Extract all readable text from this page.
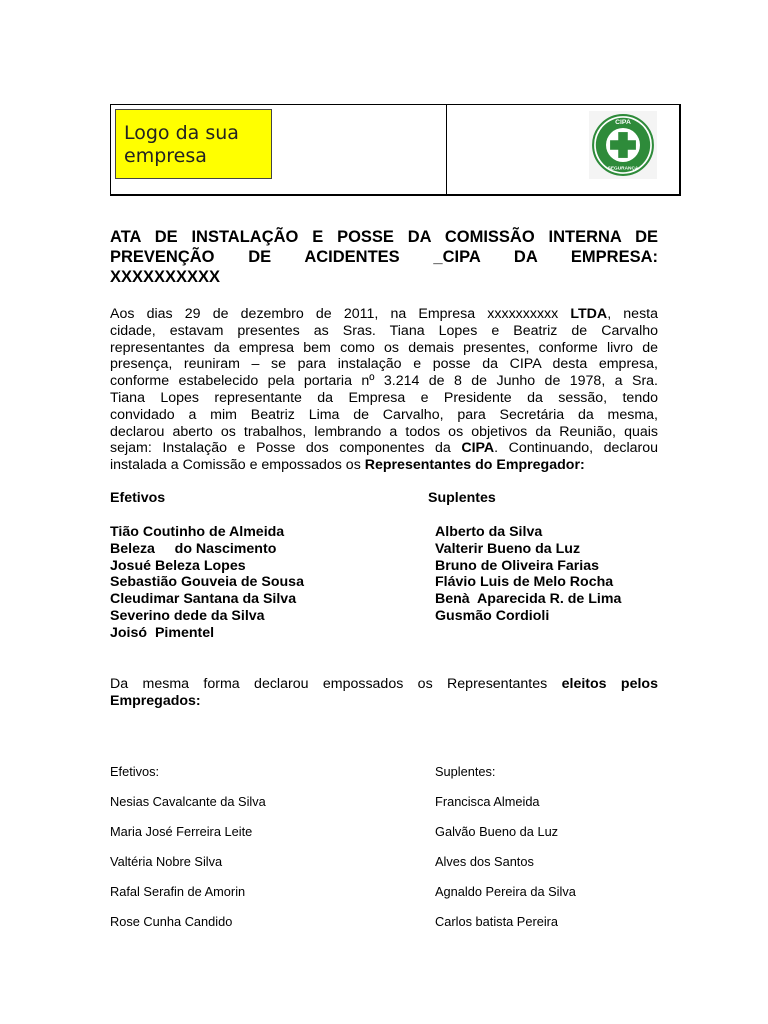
Logo da sua
empresa
CIPA
SEGURANÇA
ATA DE INSTALAÇÃO E POSSE DA COMISSÃO INTERNA DE
PREVENÇÃO DE ACIDENTES _CIPA DA EMPRESA:
XXXXXXXXXX
Aos dias 29 de dezembro de 2011, na Empresa xxxxxxxxxx LTDA, nesta
cidade, estavam presentes as Sras. Tiana Lopes e Beatriz de Carvalho
representantes da empresa bem como os demais presentes, conforme livro de
presença, reuniram – se para instalação e posse da CIPA desta empresa,
conforme estabelecido pela portaria nº 3.214 de 8 de Junho de 1978, a Sra.
Tiana Lopes representante da Empresa e Presidente da sessão, tendo
convidado a mim Beatriz Lima de Carvalho, para Secretária da mesma,
declarou aberto os trabalhos, lembrando a todos os objetivos da Reunião, quais
sejam: Instalação e Posse dos componentes da CIPA. Continuando, declarou
instalada a Comissão e empossados os Representantes do Empregador:
Efetivos	Suplentes
Tião Coutinho de Almeida
Beleza     do Nascimento
Josué Beleza Lopes
Sebastião Gouveia de Sousa
Cleudimar Santana da Silva
Severino dede da Silva
Joisó  Pimentel
Alberto da Silva
Valterir Bueno da Luz
Bruno de Oliveira Farias
Flávio Luis de Melo Rocha
Benà  Aparecida R. de Lima
Gusmão Cordioli
Da mesma forma declarou empossados os Representantes eleitos pelos
Empregados:
Efetivos:
Nesias Cavalcante da Silva
Maria José Ferreira Leite
Valtéria Nobre Silva
Rafal Serafin de Amorin
Rose Cunha Candido
Suplentes:
Francisca Almeida
Galvão Bueno da Luz
Alves dos Santos
Agnaldo Pereira da Silva
Carlos batista Pereira
